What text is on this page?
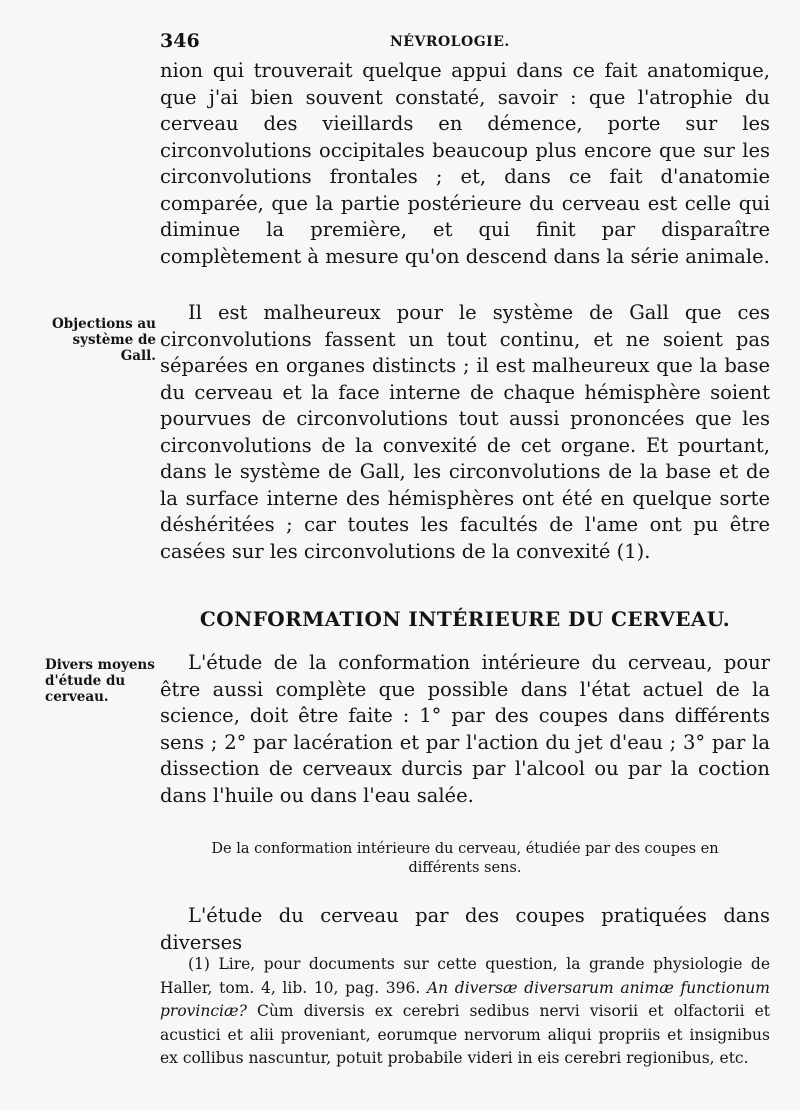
346	NÉVROLOGIE.

Objections au système de Gall.

Divers moyens d'étude du cerveau.

nion qui trouverait quelque appui dans ce fait anatomique, que j'ai bien souvent constaté, savoir : que l'atrophie du cerveau des vieillards en démence, porte sur les circonvolutions occipitales beaucoup plus encore que sur les circonvolutions frontales ; et, dans ce fait d'anatomie comparée, que la partie postérieure du cerveau est celle qui diminue la première, et qui finit par disparaître complètement à mesure qu'on descend dans la série animale.

Il est malheureux pour le système de Gall que ces circonvolutions fassent un tout continu, et ne soient pas séparées en organes distincts ; il est malheureux que la base du cerveau et la face interne de chaque hémisphère soient pourvues de circonvolutions tout aussi prononcées que les circonvolutions de la convexité de cet organe. Et pourtant, dans le système de Gall, les circonvolutions de la base et de la surface interne des hémisphères ont été en quelque sorte déshéritées ; car toutes les facultés de l'ame ont pu être casées sur les circonvolutions de la convexité (1).

CONFORMATION INTÉRIEURE DU CERVEAU.

L'étude de la conformation intérieure du cerveau, pour être aussi complète que possible dans l'état actuel de la science, doit être faite : 1° par des coupes dans différents sens ; 2° par lacération et par l'action du jet d'eau ; 3° par la dissection de cerveaux durcis par l'alcool ou par la coction dans l'huile ou dans l'eau salée.

De la conformation intérieure du cerveau, étudiée par des coupes en différents sens.

L'étude du cerveau par des coupes pratiquées dans diverses

(1) Lire, pour documents sur cette question, la grande physiologie de Haller, tom. 4, lib. 10, pag. 396. An diversæ diversarum animæ functionum provinciæ? Cùm diversis ex cerebri sedibus nervi visorii et olfactorii et acustici et alii proveniant, eorumque nervorum aliqui propriis et insignibus ex collibus nascuntur, potuit probabile videri in eis cerebri regionibus, etc.
